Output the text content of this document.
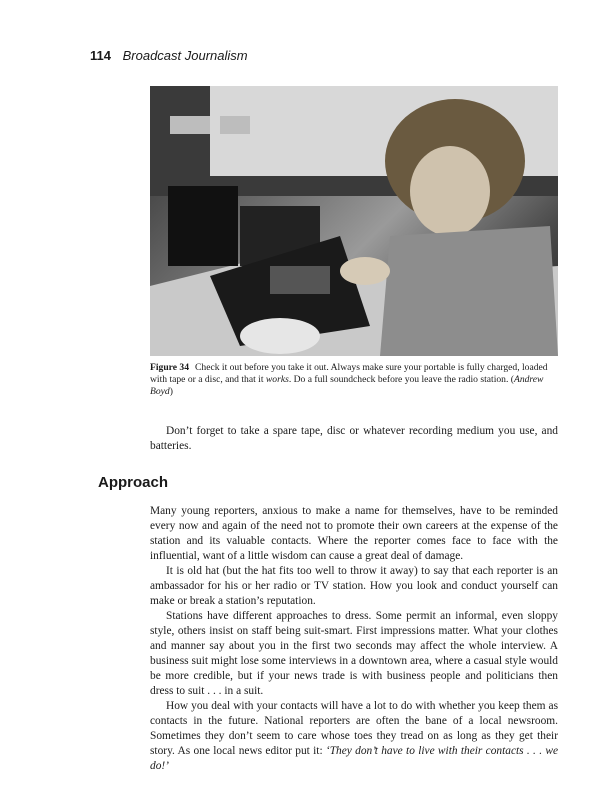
114 Broadcast Journalism
Figure 34 Check it out before you take it out. Always make sure your portable is fully charged, loaded with tape or a disc, and that it works. Do a full soundcheck before you leave the radio station. (Andrew Boyd)
Don’t forget to take a spare tape, disc or whatever recording medium you use, and batteries.
Approach

Many young reporters, anxious to make a name for themselves, have to be reminded every now and again of the need not to promote their own careers at the expense of the station and its valuable contacts. Where the reporter comes face to face with the influential, want of a little wisdom can cause a great deal of damage.

It is old hat (but the hat fits too well to throw it away) to say that each reporter is an ambassador for his or her radio or TV station. How you look and conduct yourself can make or break a station’s reputation.

Stations have different approaches to dress. Some permit an informal, even sloppy style, others insist on staff being suit-smart. First impressions matter. What your clothes and manner say about you in the first two seconds may affect the whole interview. A business suit might lose some interviews in a downtown area, where a casual style would be more credible, but if your news trade is with business people and politicians then dress to suit . . . in a suit.

How you deal with your contacts will have a lot to do with whether you keep them as contacts in the future. National reporters are often the bane of a local newsroom. Sometimes they don’t seem to care whose toes they tread on as long as they get their story. As one local news editor put it: ‘They don’t have to live with their contacts . . . we do!’
